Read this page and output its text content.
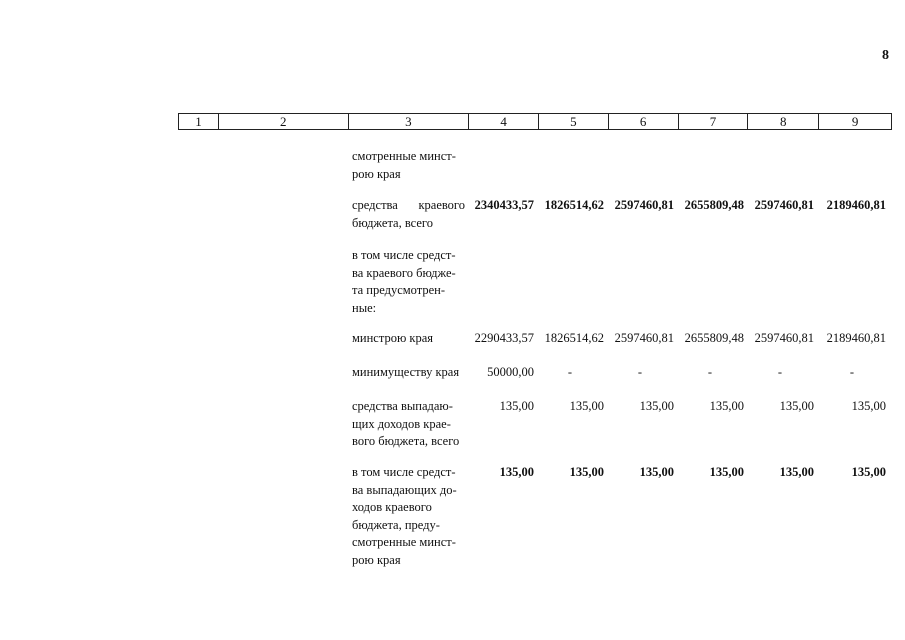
8
1	2	3	4	5	6	7	8	9
смотренные минст-
рою края
средства краевого бюджета, всего
2340433,57 1826514,62 2597460,81 2655809,48 2597460,81	2189460,81
в том числе средст-
ва краевого бюдже-
та предусмотрен-
ные:
минстрою края	2290433,57 1826514,62 2597460,81 2655809,48 2597460,81	2189460,81
минимуществу края	50000,00	-	-	-	-	-
средства выпадаю-
щих доходов крае-
вого бюджета, всего
135,00	135,00	135,00	135,00	135,00	135,00
в том числе средст-
ва выпадающих до-
ходов краевого
бюджета, преду-
смотренные минст-
рою края
135,00	135,00	135,00	135,00	135,00	135,00
